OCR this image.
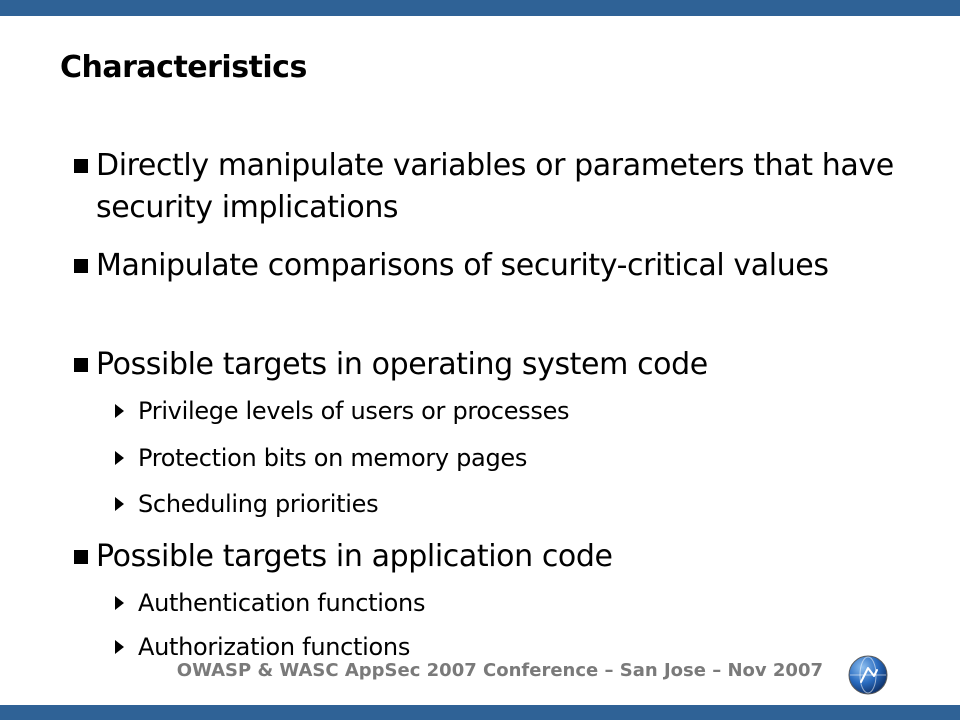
Characteristics
Directly manipulate variables or parameters that have security implications
Manipulate comparisons of security-critical values
Possible targets in operating system code
Privilege levels of users or processes
Protection bits on memory pages
Scheduling priorities
Possible targets in application code
Authentication functions
Authorization functions
OWASP & WASC AppSec 2007 Conference – San Jose – Nov 2007
